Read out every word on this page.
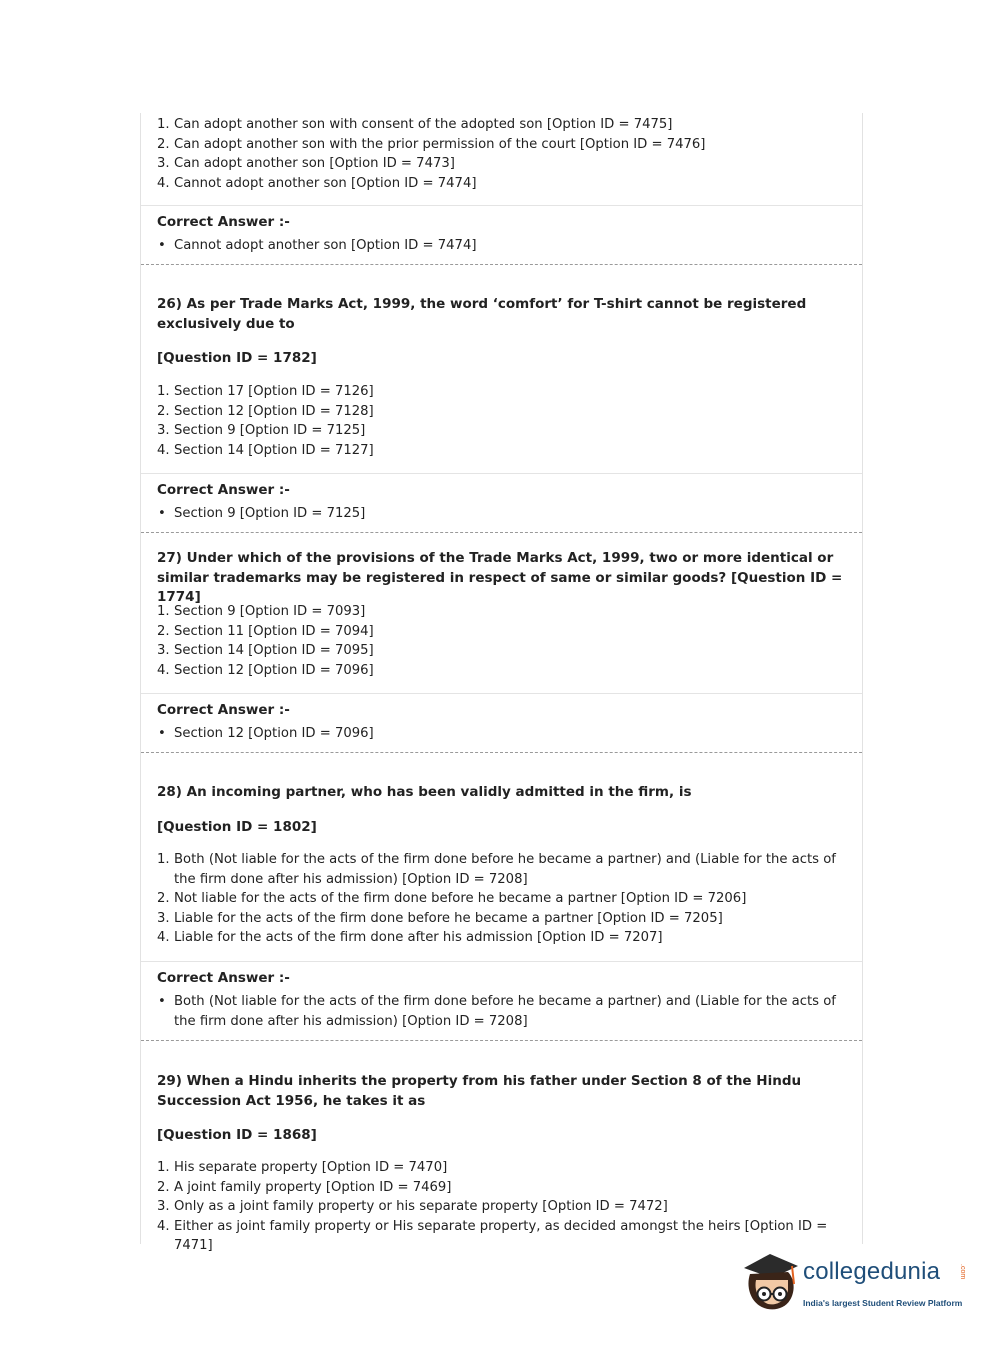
1. Can adopt another son with consent of the adopted son [Option ID = 7475]
2. Can adopt another son with the prior permission of the court [Option ID = 7476]
3. Can adopt another son [Option ID = 7473]
4. Cannot adopt another son [Option ID = 7474]
Correct Answer :-
• Cannot adopt another son [Option ID = 7474]
26) As per Trade Marks Act, 1999, the word ‘comfort’ for T-shirt cannot be registered exclusively due to
[Question ID = 1782]
1. Section 17 [Option ID = 7126]
2. Section 12 [Option ID = 7128]
3. Section 9 [Option ID = 7125]
4. Section 14 [Option ID = 7127]
Correct Answer :-
• Section 9 [Option ID = 7125]
27) Under which of the provisions of the Trade Marks Act, 1999, two or more identical or similar trademarks may be registered in respect of same or similar goods? [Question ID = 1774]
1. Section 9 [Option ID = 7093]
2. Section 11 [Option ID = 7094]
3. Section 14 [Option ID = 7095]
4. Section 12 [Option ID = 7096]
Correct Answer :-
• Section 12 [Option ID = 7096]
28) An incoming partner, who has been validly admitted in the firm, is
[Question ID = 1802]
1. Both (Not liable for the acts of the firm done before he became a partner) and (Liable for the acts of the firm done after his admission) [Option ID = 7208]
2. Not liable for the acts of the firm done before he became a partner [Option ID = 7206]
3. Liable for the acts of the firm done before he became a partner [Option ID = 7205]
4. Liable for the acts of the firm done after his admission [Option ID = 7207]
Correct Answer :-
• Both (Not liable for the acts of the firm done before he became a partner) and (Liable for the acts of the firm done after his admission) [Option ID = 7208]
29) When a Hindu inherits the property from his father under Section 8 of the Hindu Succession Act 1956, he takes it as
[Question ID = 1868]
1. His separate property [Option ID = 7470]
2. A joint family property [Option ID = 7469]
3. Only as a joint family property or his separate property [Option ID = 7472]
4. Either as joint family property or His separate property, as decided amongst the heirs [Option ID = 7471]
collegedunia	.com
India's largest Student Review Platform
